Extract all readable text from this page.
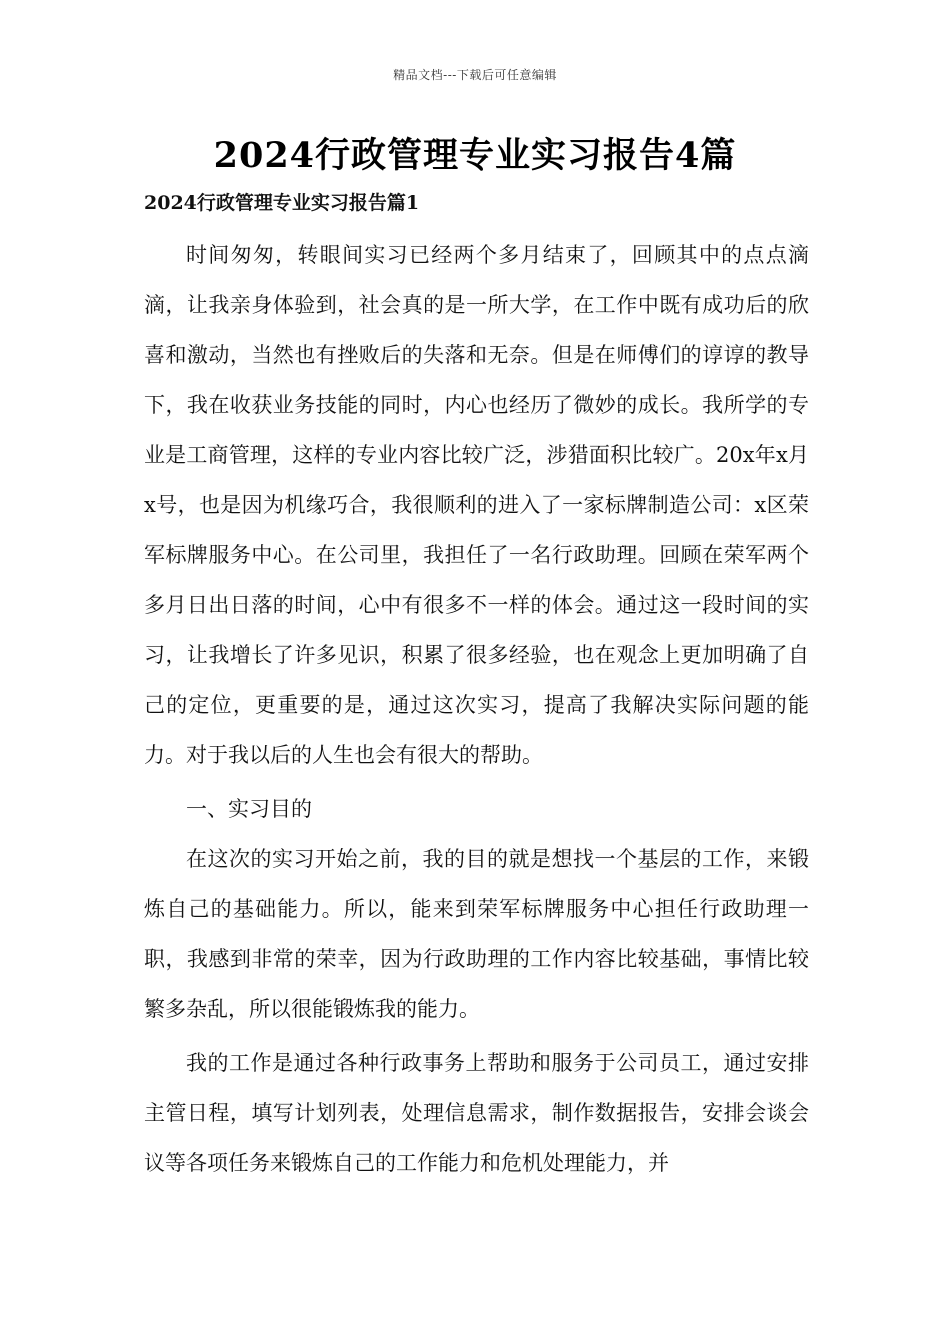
精品文档---下载后可任意编辑
2024行政管理专业实习报告4篇
2024行政管理专业实习报告篇1

时间匆匆，转眼间实习已经两个多月结束了，回顾其中的点点滴滴，让我亲身体验到，社会真的是一所大学，在工作中既有成功后的欣喜和激动，当然也有挫败后的失落和无奈。但是在师傅们的谆谆的教导下，我在收获业务技能的同时，内心也经历了微妙的成长。我所学的专业是工商管理，这样的专业内容比较广泛，涉猎面积比较广。20x年x月x号，也是因为机缘巧合，我很顺利的进入了一家标牌制造公司：x区荣军标牌服务中心。在公司里，我担任了一名行政助理。回顾在荣军两个多月日出日落的时间，心中有很多不一样的体会。通过这一段时间的实习，让我增长了许多见识，积累了很多经验，也在观念上更加明确了自己的定位，更重要的是，通过这次实习，提高了我解决实际问题的能力。对于我以后的人生也会有很大的帮助。

一、实习目的

在这次的实习开始之前，我的目的就是想找一个基层的工作，来锻炼自己的基础能力。所以，能来到荣军标牌服务中心担任行政助理一职，我感到非常的荣幸，因为行政助理的工作内容比较基础，事情比较繁多杂乱，所以很能锻炼我的能力。

我的工作是通过各种行政事务上帮助和服务于公司员工，通过安排主管日程，填写计划列表，处理信息需求，制作数据报告，安排会谈会议等各项任务来锻炼自己的工作能力和危机处理能力，并
